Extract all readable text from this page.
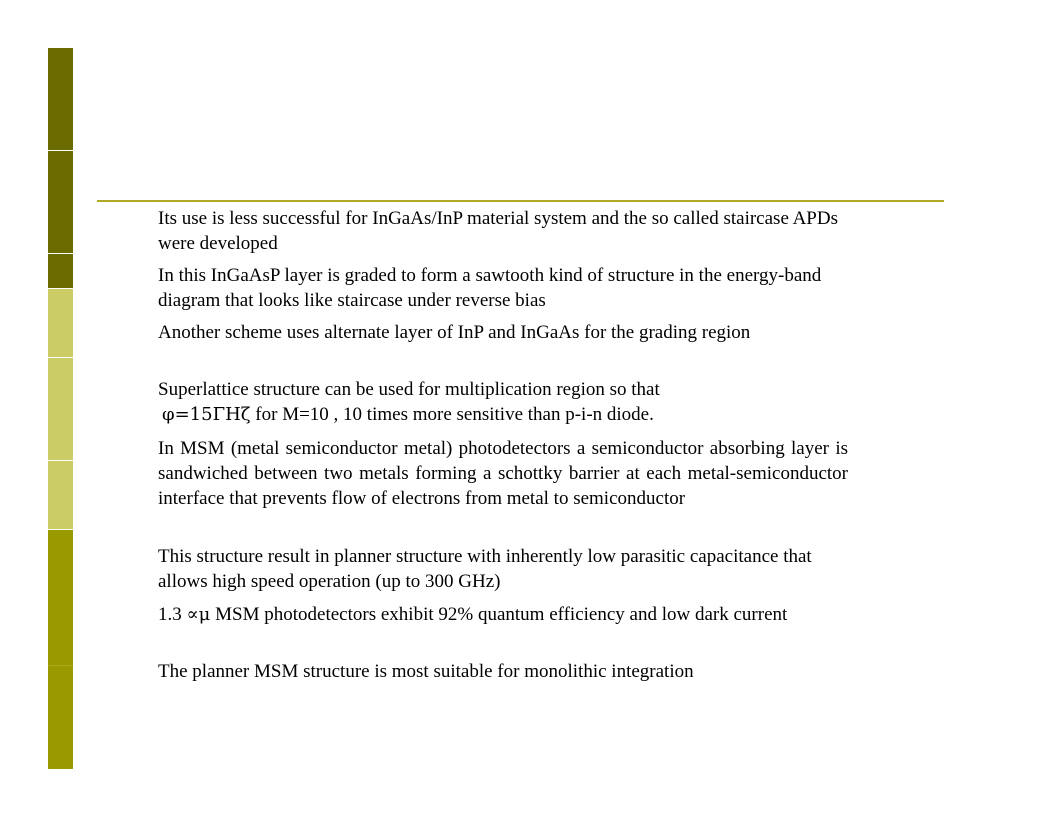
Its use is less successful for InGaAs/InP material system and the so called staircase APDs were developed

In this InGaAsP layer is graded to form a sawtooth kind of structure in the energy-band diagram that looks like staircase under reverse bias

Another scheme uses alternate layer of InP and InGaAs for the grading region

Superlattice structure can be used for multiplication region so that
φ=15ΓΗζ for M=10 , 10 times more sensitive than p-i-n diode.

In MSM (metal semiconductor metal) photodetectors a semiconductor absorbing layer is sandwiched between two metals forming a schottky barrier at each metal-semiconductor interface that prevents flow of electrons from metal to semiconductor

This structure result in planner structure with inherently low parasitic capacitance that allows high speed operation (up to 300 GHz)

1.3 ∝μ MSM photodetectors exhibit 92% quantum efficiency and low dark current

The planner MSM structure is most suitable for monolithic integration
